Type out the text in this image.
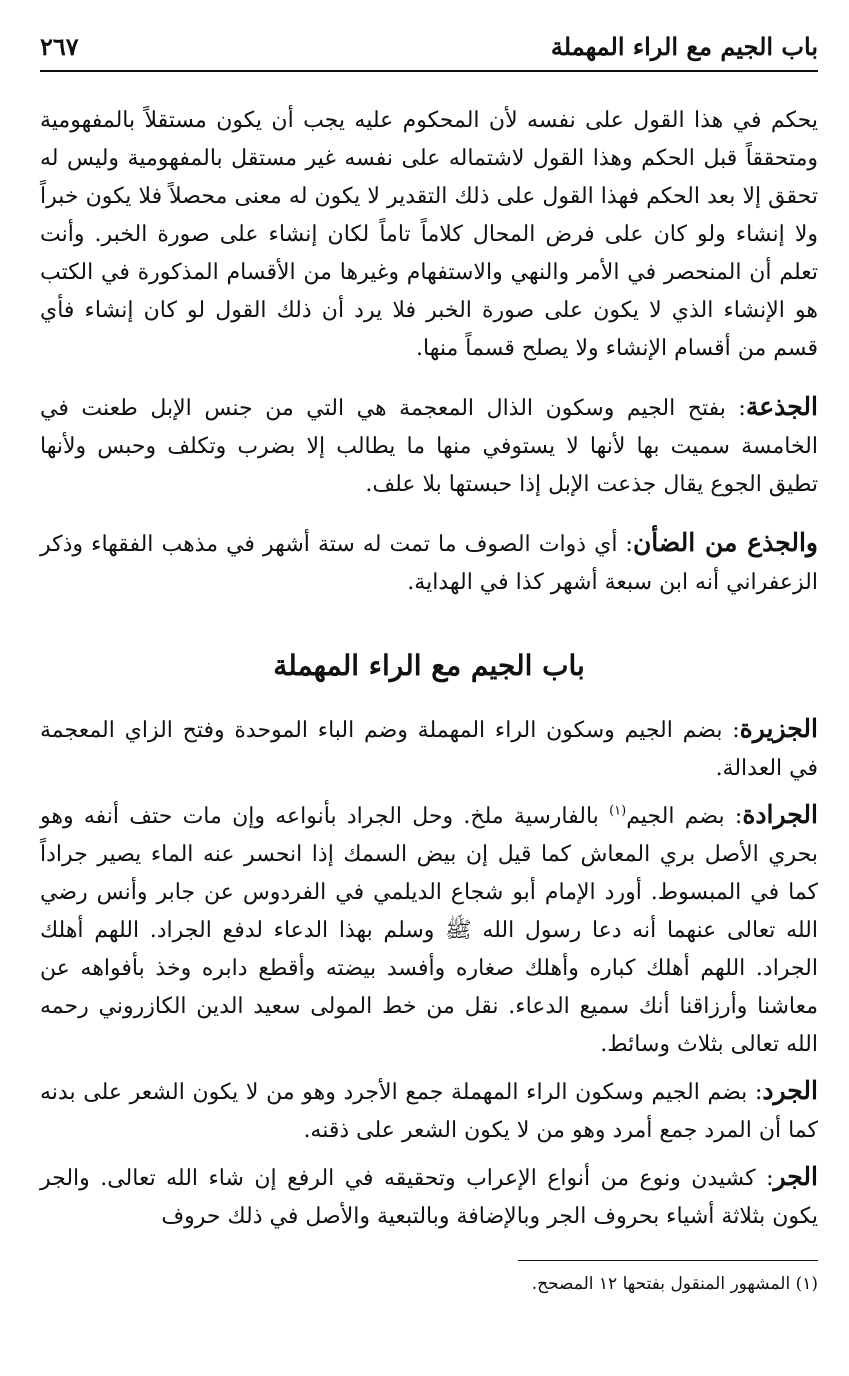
باب الجيم مع الراء المهملة
٢٦٧

يحكم في هذا القول على نفسه لأن المحكوم عليه يجب أن يكون مستقلاً بالمفهومية ومتحققاً قبل الحكم وهذا القول لاشتماله على نفسه غير مستقل بالمفهومية وليس له تحقق إلا بعد الحكم فهذا القول على ذلك التقدير لا يكون له معنى محصلاً فلا يكون خبراً ولا إنشاء ولو كان على فرض المحال كلاماً تاماً لكان إنشاء على صورة الخبر. وأنت تعلم أن المنحصر في الأمر والنهي والاستفهام وغيرها من الأقسام المذكورة في الكتب هو الإنشاء الذي لا يكون على صورة الخبر فلا يرد أن ذلك القول لو كان إنشاء فأي قسم من أقسام الإنشاء ولا يصلح قسماً منها.

الجذعة: بفتح الجيم وسكون الذال المعجمة هي التي من جنس الإبل طعنت في الخامسة سميت بها لأنها لا يستوفي منها ما يطالب إلا بضرب وتكلف وحبس ولأنها تطيق الجوع يقال جذعت الإبل إذا حبستها بلا علف.

والجذع من الضأن: أي ذوات الصوف ما تمت له ستة أشهر في مذهب الفقهاء وذكر الزعفراني أنه ابن سبعة أشهر كذا في الهداية.

باب الجيم مع الراء المهملة

الجزيرة: بضم الجيم وسكون الراء المهملة وضم الباء الموحدة وفتح الزاي المعجمة في العدالة.

الجرادة: بضم الجيم$^{(١)}$ بالفارسية ملخ. وحل الجراد بأنواعه وإن مات حتف أنفه وهو بحري الأصل بري المعاش كما قيل إن بيض السمك إذا انحسر عنه الماء يصير جراداً كما في المبسوط. أورد الإمام أبو شجاع الديلمي في الفردوس عن جابر وأنس رضي الله تعالى عنهما أنه دعا رسول الله ﷺ وسلم بهذا الدعاء لدفع الجراد. اللهم أهلك الجراد. اللهم أهلك كباره وأهلك صغاره وأفسد بيضته وأقطع دابره وخذ بأفواهه عن معاشنا وأرزاقنا أنك سميع الدعاء. نقل من خط المولى سعيد الدين الكازروني رحمه الله تعالى بثلاث وسائط.

الجرد: بضم الجيم وسكون الراء المهملة جمع الأجرد وهو من لا يكون الشعر على بدنه كما أن المرد جمع أمرد وهو من لا يكون الشعر على ذقنه.

الجر: كشيدن ونوع من أنواع الإعراب وتحقيقه في الرفع إن شاء الله تعالى. والجر يكون بثلاثة أشياء بحروف الجر وبالإضافة وبالتبعية والأصل في ذلك حروف

(١) المشهور المنقول بفتحها ١٢ المصحح.
